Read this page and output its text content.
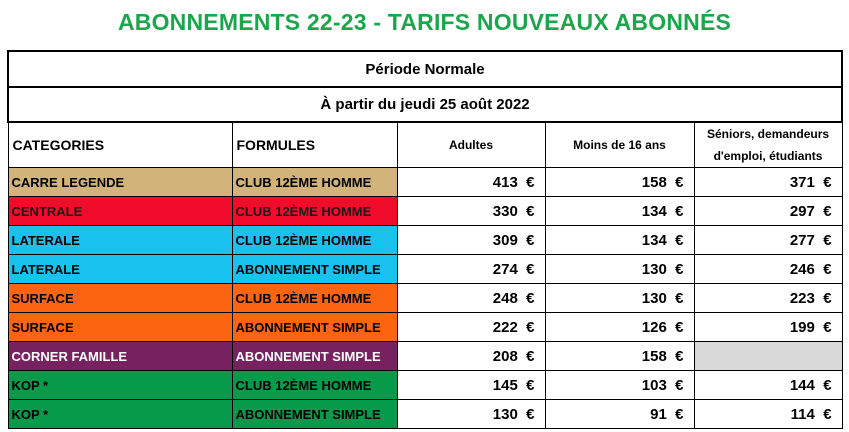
ABONNEMENTS 22-23 - TARIFS NOUVEAUX ABONNÉS
Période Normale				
À partir du jeudi 25 août 2022				
CATEGORIES	FORMULES	Adultes	Moins de 16 ans	Séniors, demandeurs
d'emploi, étudiants
CARRE LEGENDE	CLUB 12ÈME HOMME	413  €	158  €	371  €
CENTRALE	CLUB 12ÈME HOMME	330  €	134  €	297  €
LATERALE	CLUB 12ÈME HOMME	309  €	134  €	277  €
LATERALE	ABONNEMENT SIMPLE	274  €	130  €	246  €
SURFACE	CLUB 12ÈME HOMME	248  €	130  €	223  €
SURFACE	ABONNEMENT SIMPLE	222  €	126  €	199  €
CORNER FAMILLE	ABONNEMENT SIMPLE	208  €	158  €	
KOP *	CLUB 12ÈME HOMME	145  €	103  €	144  €
KOP *	ABONNEMENT SIMPLE	130  €	91  €	114  €
